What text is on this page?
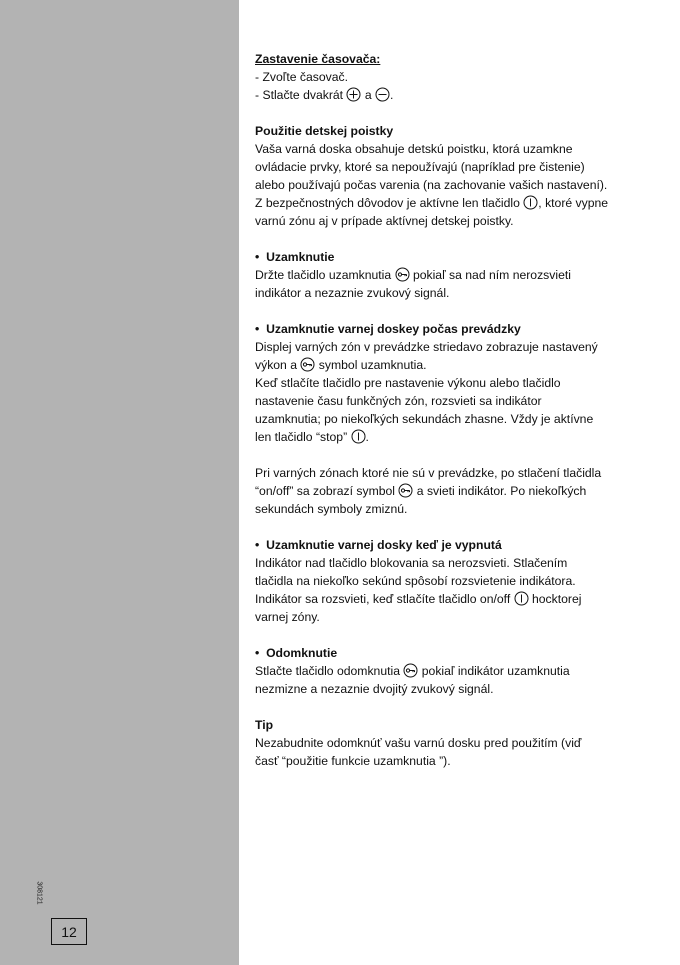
308121
12
Zastavenie časovača:
- Zvoľte časovač.
- Stlačte dvakrát a .
Použitie detskej poistky
Vaša varná doska obsahuje detskú poistku, ktorá uzamkne
ovládacie prvky, ktoré sa nepoužívajú (napríklad pre čistenie)
alebo používajú počas varenia (na zachovanie vašich nastavení).
Z bezpečnostných dôvodov je aktívne len tlačidlo , ktoré vypne
varnú zónu aj v prípade aktívnej detskej poistky.
• Uzamknutie
Držte tlačidlo uzamknutia pokiaľ sa nad ním nerozsvieti
indikátor a nezaznie zvukový signál.
• Uzamknutie varnej doskey počas prevádzky
Displej varných zón v prevádzke striedavo zobrazuje nastavený
výkon a symbol uzamknutia.
Keď stlačíte tlačidlo pre nastavenie výkonu alebo tlačidlo
nastavenie času funkčných zón, rozsvieti sa indikátor
uzamknutia; po niekoľkých sekundách zhasne. Vždy je aktívne
len tlačidlo “stop” .
Pri varných zónach ktoré nie sú v prevádzke, po stlačení tlačidla
“on/off” sa zobrazí symbol a svieti indikátor. Po niekoľkých
sekundách symboly zmiznú.
• Uzamknutie varnej dosky keď je vypnutá
Indikátor nad tlačidlo blokovania sa nerozsvieti. Stlačením
tlačidla na niekoľko sekúnd spôsobí rozsvietenie indikátora.
Indikátor sa rozsvieti, keď stlačíte tlačidlo on/off hocktorej
varnej zóny.
• Odomknutie
Stlačte tlačidlo odomknutia pokiaľ indikátor uzamknutia
nezmizne a nezaznie dvojitý zvukový signál.
Tip
Nezabudnite odomknúť vašu varnú dosku pred použitím (viď
časť “použitie funkcie uzamknutia ”).
